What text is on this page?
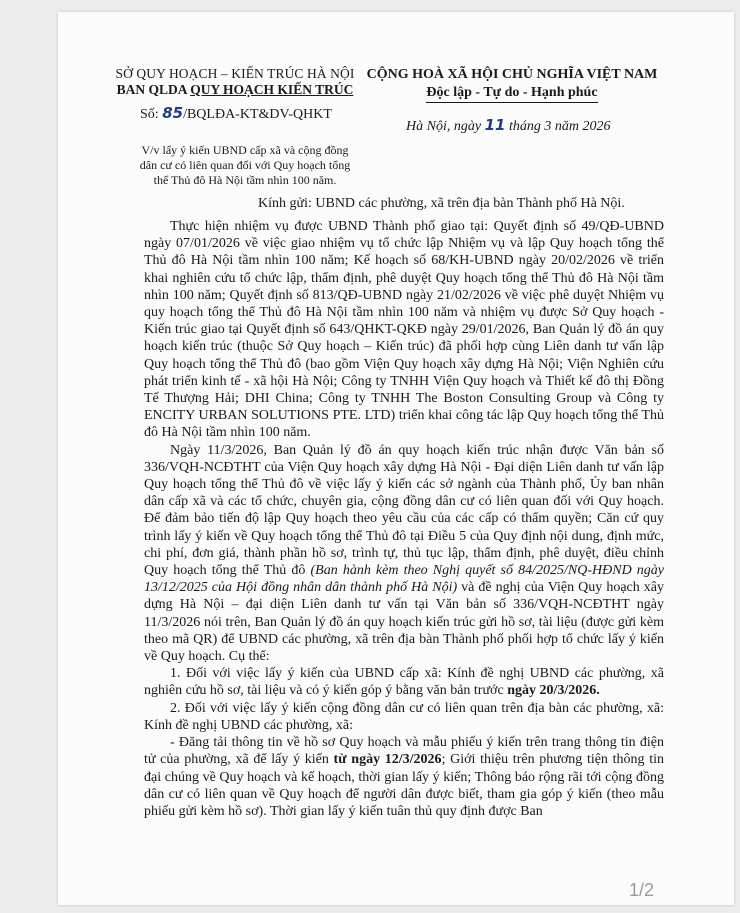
SỞ QUY HOẠCH – KIẾN TRÚC HÀ NỘI
BAN QLDA QUY HOẠCH KIẾN TRÚC
CỘNG HOÀ XÃ HỘI CHỦ NGHĨA VIỆT NAM
Độc lập - Tự do - Hạnh phúc
Số: 85/BQLĐA-KT&DV-QHKT
Hà Nội, ngày 11 tháng 3 năm 2026
V/v lấy ý kiến UBND cấp xã và cộng đồng dân cư có liên quan đối với Quy hoạch tổng thể Thủ đô Hà Nội tầm nhìn 100 năm.
Kính gửi: UBND các phường, xã trên địa bàn Thành phố Hà Nội.

Thực hiện nhiệm vụ được UBND Thành phố giao tại: Quyết định số 49/QĐ-UBND ngày 07/01/2026 về việc giao nhiệm vụ tổ chức lập Nhiệm vụ và lập Quy hoạch tổng thể Thủ đô Hà Nội tầm nhìn 100 năm; Kế hoạch số 68/KH-UBND ngày 20/02/2026 về triển khai nghiên cứu tổ chức lập, thẩm định, phê duyệt Quy hoạch tổng thể Thủ đô Hà Nội tầm nhìn 100 năm; Quyết định số 813/QĐ-UBND ngày 21/02/2026 về việc phê duyệt Nhiệm vụ quy hoạch tổng thể Thủ đô Hà Nội tầm nhìn 100 năm và nhiệm vụ được Sở Quy hoạch - Kiến trúc giao tại Quyết định số 643/QHKT-QKĐ ngày 29/01/2026, Ban Quản lý đồ án quy hoạch kiến trúc (thuộc Sở Quy hoạch – Kiến trúc) đã phối hợp cùng Liên danh tư vấn lập Quy hoạch tổng thể Thủ đô (bao gồm Viện Quy hoạch xây dựng Hà Nội; Viện Nghiên cứu phát triển kinh tế - xã hội Hà Nội; Công ty TNHH Viện Quy hoạch và Thiết kế đô thị Đồng Tế Thượng Hải; DHI China; Công ty TNHH The Boston Consulting Group và Công ty ENCITY URBAN SOLUTIONS PTE. LTD) triển khai công tác lập Quy hoạch tổng thể Thủ đô Hà Nội tầm nhìn 100 năm.

Ngày 11/3/2026, Ban Quản lý đồ án quy hoạch kiến trúc nhận được Văn bản số 336/VQH-NCĐTHT của Viện Quy hoạch xây dựng Hà Nội - Đại diện Liên danh tư vấn lập Quy hoạch tổng thể Thủ đô về việc lấy ý kiến các sở ngành của Thành phố, Ủy ban nhân dân cấp xã và các tổ chức, chuyên gia, cộng đồng dân cư có liên quan đối với Quy hoạch. Để đảm bảo tiến độ lập Quy hoạch theo yêu cầu của các cấp có thẩm quyền; Căn cứ quy trình lấy ý kiến về Quy hoạch tổng thể Thủ đô tại Điều 5 của Quy định nội dung, định mức, chi phí, đơn giá, thành phần hồ sơ, trình tự, thủ tục lập, thẩm định, phê duyệt, điều chỉnh Quy hoạch tổng thể Thủ đô (Ban hành kèm theo Nghị quyết số 84/2025/NQ-HĐND ngày 13/12/2025 của Hội đồng nhân dân thành phố Hà Nội) và đề nghị của Viện Quy hoạch xây dựng Hà Nội – đại diện Liên danh tư vấn tại Văn bản số 336/VQH-NCĐTHT ngày 11/3/2026 nói trên, Ban Quản lý đồ án quy hoạch kiến trúc gửi hồ sơ, tài liệu (được gửi kèm theo mã QR) để UBND các phường, xã trên địa bàn Thành phố phối hợp tổ chức lấy ý kiến về Quy hoạch. Cụ thể:

1. Đối với việc lấy ý kiến của UBND cấp xã: Kính đề nghị UBND các phường, xã nghiên cứu hồ sơ, tài liệu và có ý kiến góp ý bằng văn bản trước ngày 20/3/2026.

2. Đối với việc lấy ý kiến cộng đồng dân cư có liên quan trên địa bàn các phường, xã: Kính đề nghị UBND các phường, xã:

- Đăng tải thông tin về hồ sơ Quy hoạch và mẫu phiếu ý kiến trên trang thông tin điện tử của phường, xã để lấy ý kiến từ ngày 12/3/2026; Giới thiệu trên phương tiện thông tin đại chúng về Quy hoạch và kế hoạch, thời gian lấy ý kiến; Thông báo rộng rãi tới cộng đồng dân cư có liên quan về Quy hoạch để người dân được biết, tham gia góp ý kiến (theo mẫu phiếu gửi kèm hồ sơ). Thời gian lấy ý kiến tuân thủ quy định được Ban

1/2
